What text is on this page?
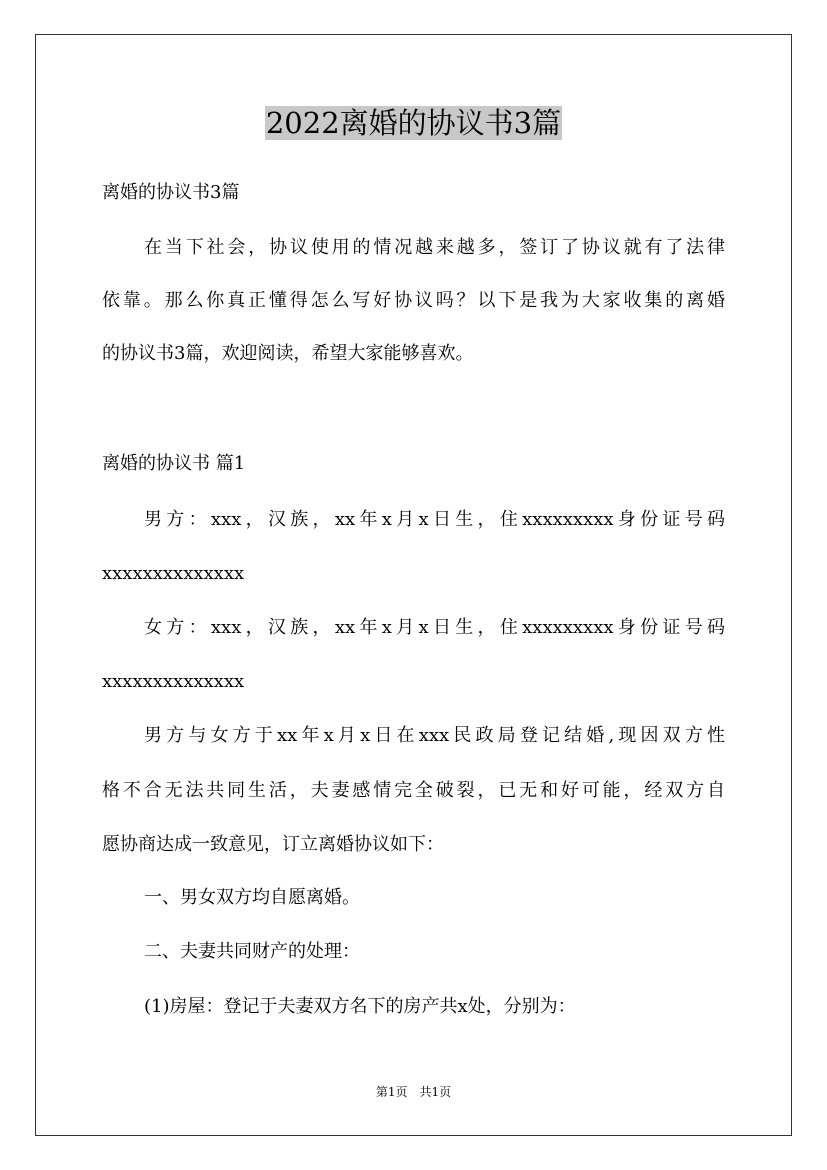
2022离婚的协议书3篇

离婚的协议书3篇

在当下社会，协议使用的情况越来越多，签订了协议就有了法律

依靠。那么你真正懂得怎么写好协议吗？以下是我为大家收集的离婚

的协议书3篇，欢迎阅读，希望大家能够喜欢。

离婚的协议书 篇1

男方：xxx，汉族，xx年x月x日生，住xxxxxxxxx身份证号码

xxxxxxxxxxxxxx

女方：xxx，汉族，xx年x月x日生，住xxxxxxxxx身份证号码

xxxxxxxxxxxxxx

男方与女方于xx年x月x日在xxx民政局登记结婚,现因双方性

格不合无法共同生活，夫妻感情完全破裂，已无和好可能，经双方自

愿协商达成一致意见，订立离婚协议如下：

一、男女双方均自愿离婚。

二、夫妻共同财产的处理：

(1)房屋：登记于夫妻双方名下的房产共x处，分别为：

第1页　共1页
